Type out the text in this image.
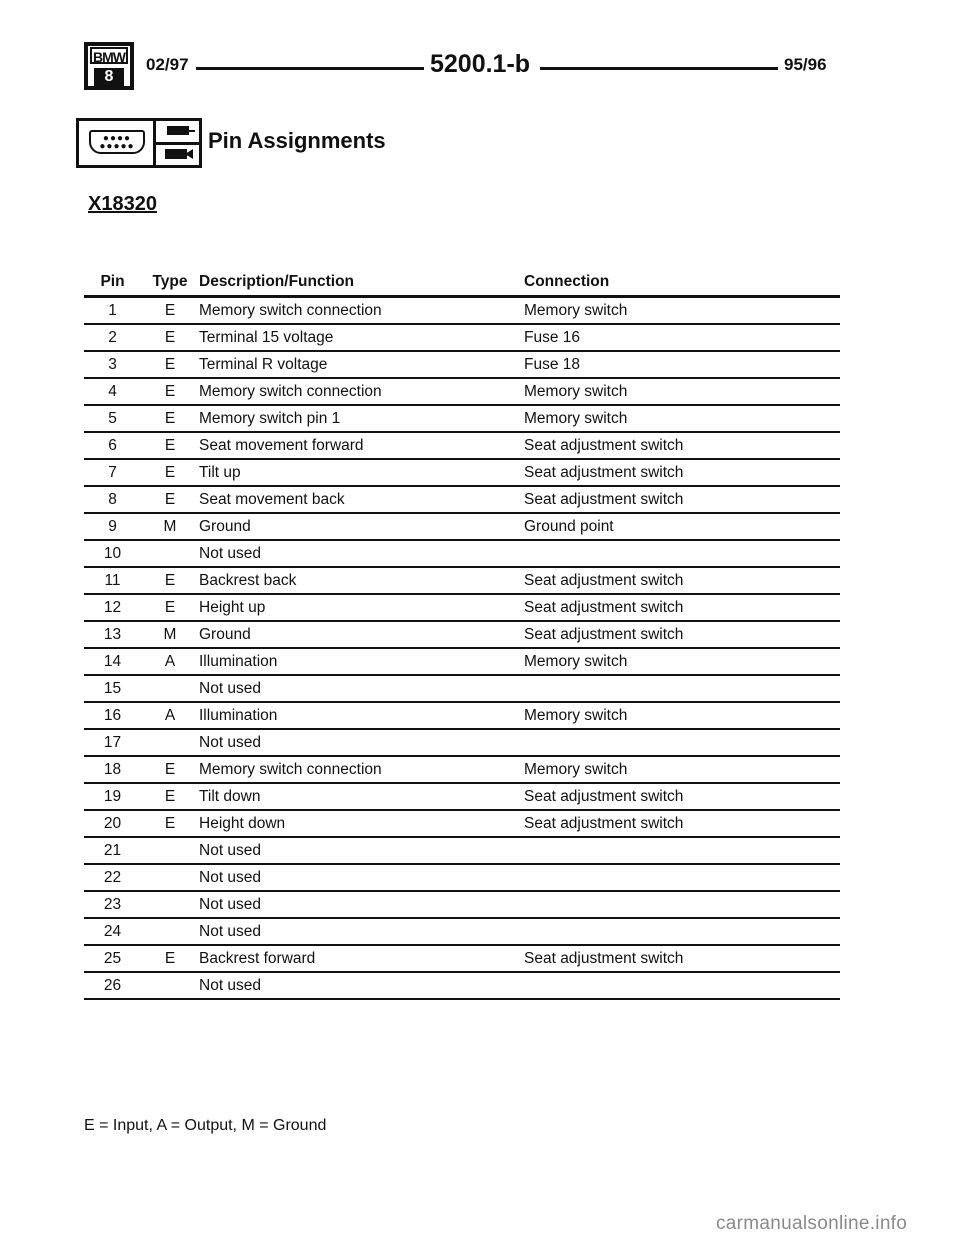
BMW
8
02/97	5200.1-b	95/96
●●●●
●●●●●	Pin Assignments
X18320
Pin	Type	Description/Function	Connection
1	E	Memory switch connection	Memory switch
2	E	Terminal 15 voltage	Fuse 16
3	E	Terminal R voltage	Fuse 18
4	E	Memory switch connection	Memory switch
5	E	Memory switch pin 1	Memory switch
6	E	Seat movement forward	Seat adjustment switch
7	E	Tilt up	Seat adjustment switch
8	E	Seat movement back	Seat adjustment switch
9	M	Ground	Ground point
10		Not used	
11	E	Backrest back	Seat adjustment switch
12	E	Height up	Seat adjustment switch
13	M	Ground	Seat adjustment switch
14	A	Illumination	Memory switch
15		Not used	
16	A	Illumination	Memory switch
17		Not used	
18	E	Memory switch connection	Memory switch
19	E	Tilt down	Seat adjustment switch
20	E	Height down	Seat adjustment switch
21		Not used	
22		Not used	
23		Not used	
24		Not used	
25	E	Backrest forward	Seat adjustment switch
26		Not used	
E = Input, A = Output, M = Ground
carmanualsonline.info
